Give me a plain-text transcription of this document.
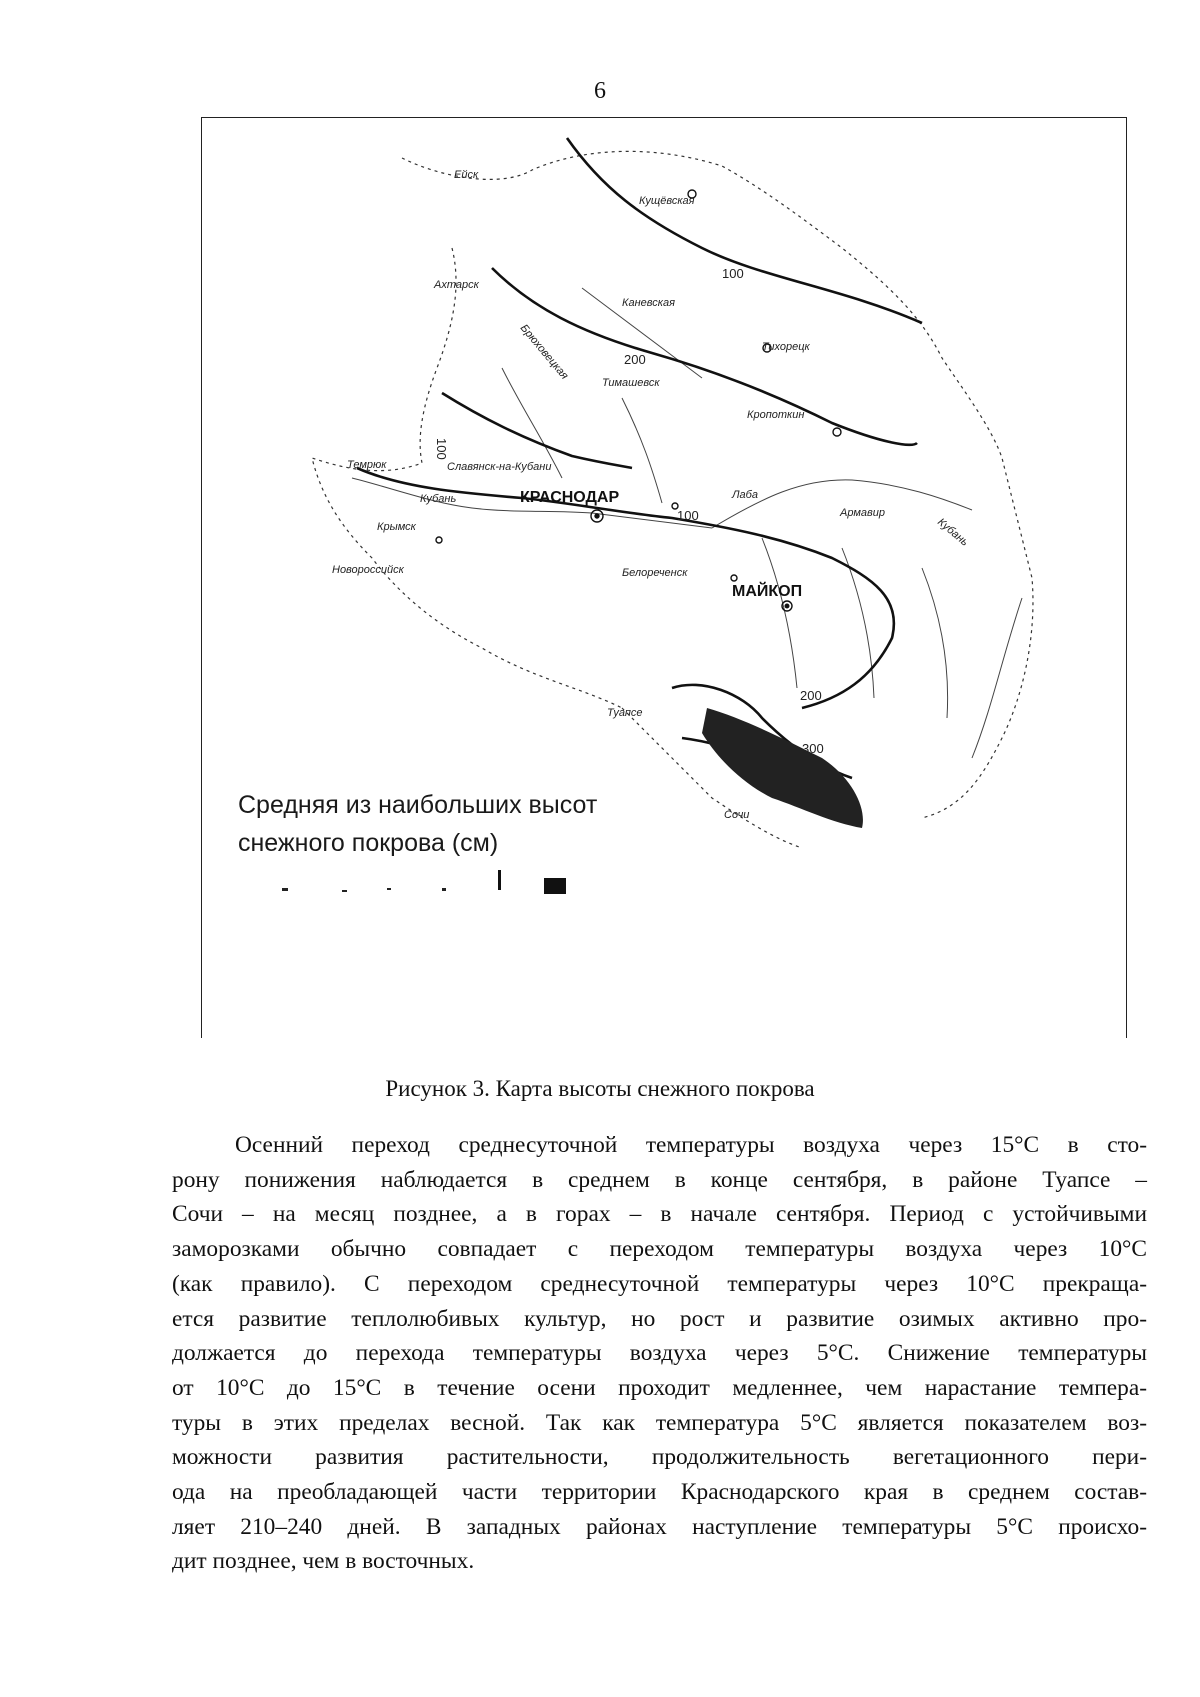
6
Ейск
Кущёвская
Ахтарск
Каневская
Брюховецкая	Тихорецк
Тимашевск
Кропоткин
Темрюк	Славянск-на-Кубани
КРАСНОДАР
Крымск
Новороссийск
Лаба
Армавир
Белореченск
МАЙКОП
Туапсе
Сочи
Кубань
Кубань
100
200
100
100
200
300
Средняя из наибольших высот
снежного покрова (см)
Рисунок 3. Карта высоты снежного покрова
Осенний переход среднесуточной температуры воздуха через 15°С в сто-
рону понижения наблюдается в среднем в конце сентября, в районе Туапсе –
Сочи – на месяц позднее, а в горах – в начале сентября. Период с устойчивыми
заморозками обычно совпадает с переходом температуры воздуха через 10°С
(как правило). С переходом среднесуточной температуры через 10°С прекраща-
ется развитие теплолюбивых культур, но рост и развитие озимых активно про-
должается до перехода температуры воздуха через 5°С. Снижение температуры
от 10°С до 15°С в течение осени проходит медленнее, чем нарастание темпера-
туры в этих пределах весной. Так как температура 5°С является показателем воз-
можности развития растительности, продолжительность вегетационного пери-
ода на преобладающей части территории Краснодарского края в среднем состав-
ляет 210–240 дней. В западных районах наступление температуры 5°С происхо-
дит позднее, чем в восточных.
